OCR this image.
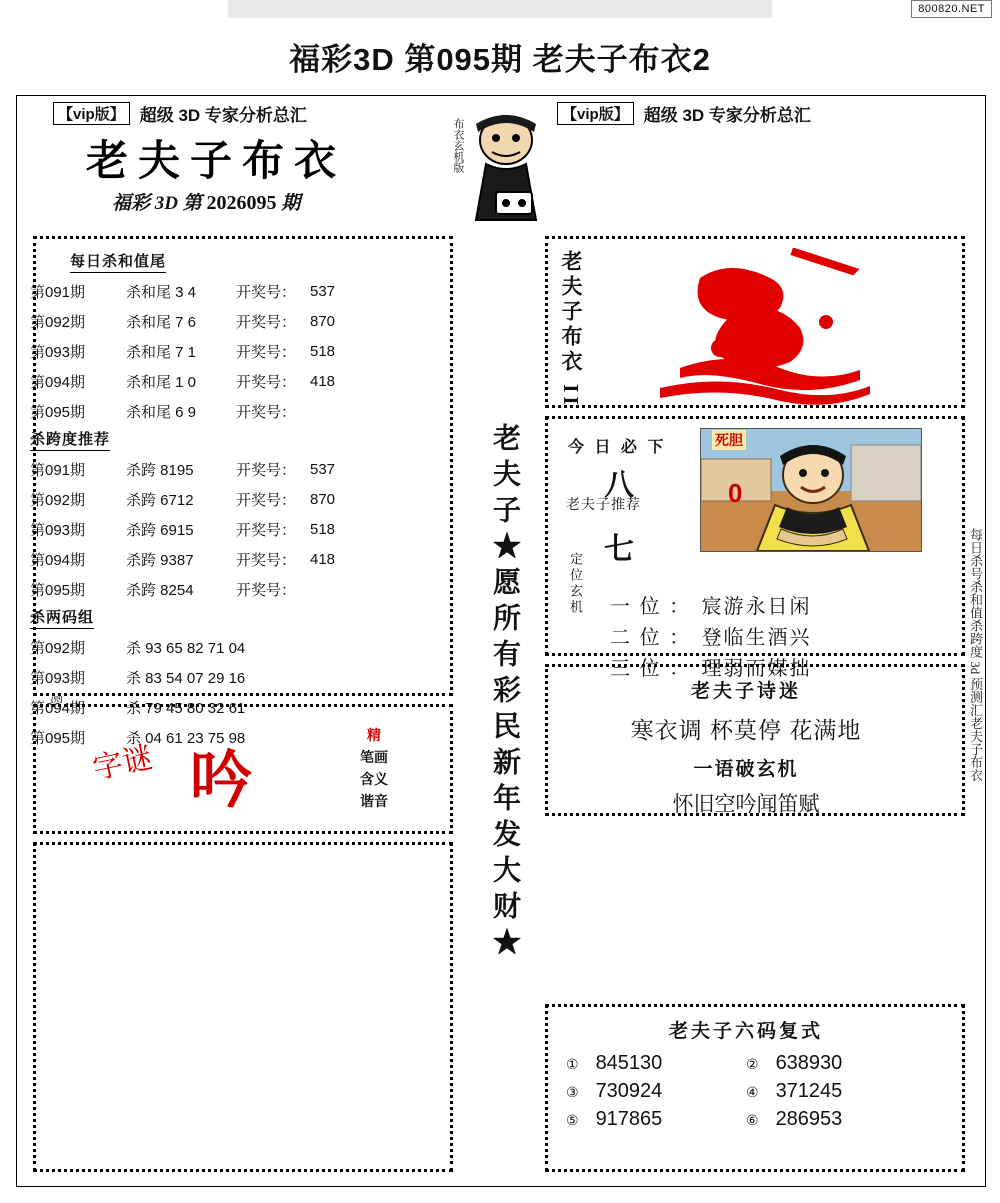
800820.NET
福彩3D 第095期 老夫子布衣2
【vip版】 超级 3D 专家分析总汇	【vip版】 超级 3D 专家分析总汇
每日杀号杀和值杀跨度 3d 预测汇老夫子布衣
老夫子布衣
福彩 3D 第 2026095 期
布衣玄机版
每日杀和值尾
第091期	杀和尾 3 4	开奖号： 537
第092期	杀和尾 7 6	开奖号： 870
第093期	杀和尾 7 1	开奖号： 518
第094期	杀和尾 1 0	开奖号： 418
第095期	杀和尾 6 9	开奖号：
杀跨度推荐
第091期	杀跨 8195	开奖号： 537
第092期	杀跨 6712	开奖号： 870
第093期	杀跨 6915	开奖号： 518
第094期	杀跨 9387	开奖号： 418
第095期	杀跨 8254	开奖号：
杀两码组
第092期	杀 93 65 82 71 04
第093期	杀 83 54 07 29 16
第094期	杀 79 45 80 32 61
第095期	杀 04 61 23 75 98	老夫子★愿所有彩民新年发大财★
老夫子布衣 II
今 日 必 下
八
老夫子推荐
七
定位玄机
死胆
0
一 位 ： 宸游永日闲
二 位 ： 登临生酒兴
三 位 ： 理弱而媒拙
老夫子诗迷
寒衣调 杯莫停 花满地
一语破玄机
怀旧空吟闻笛赋
字谜 吟
精
笔画
含义
谐音
老夫子六码复式
① 845130	② 638930
③ 730924	④ 371245
⑤ 917865	⑥ 286953
